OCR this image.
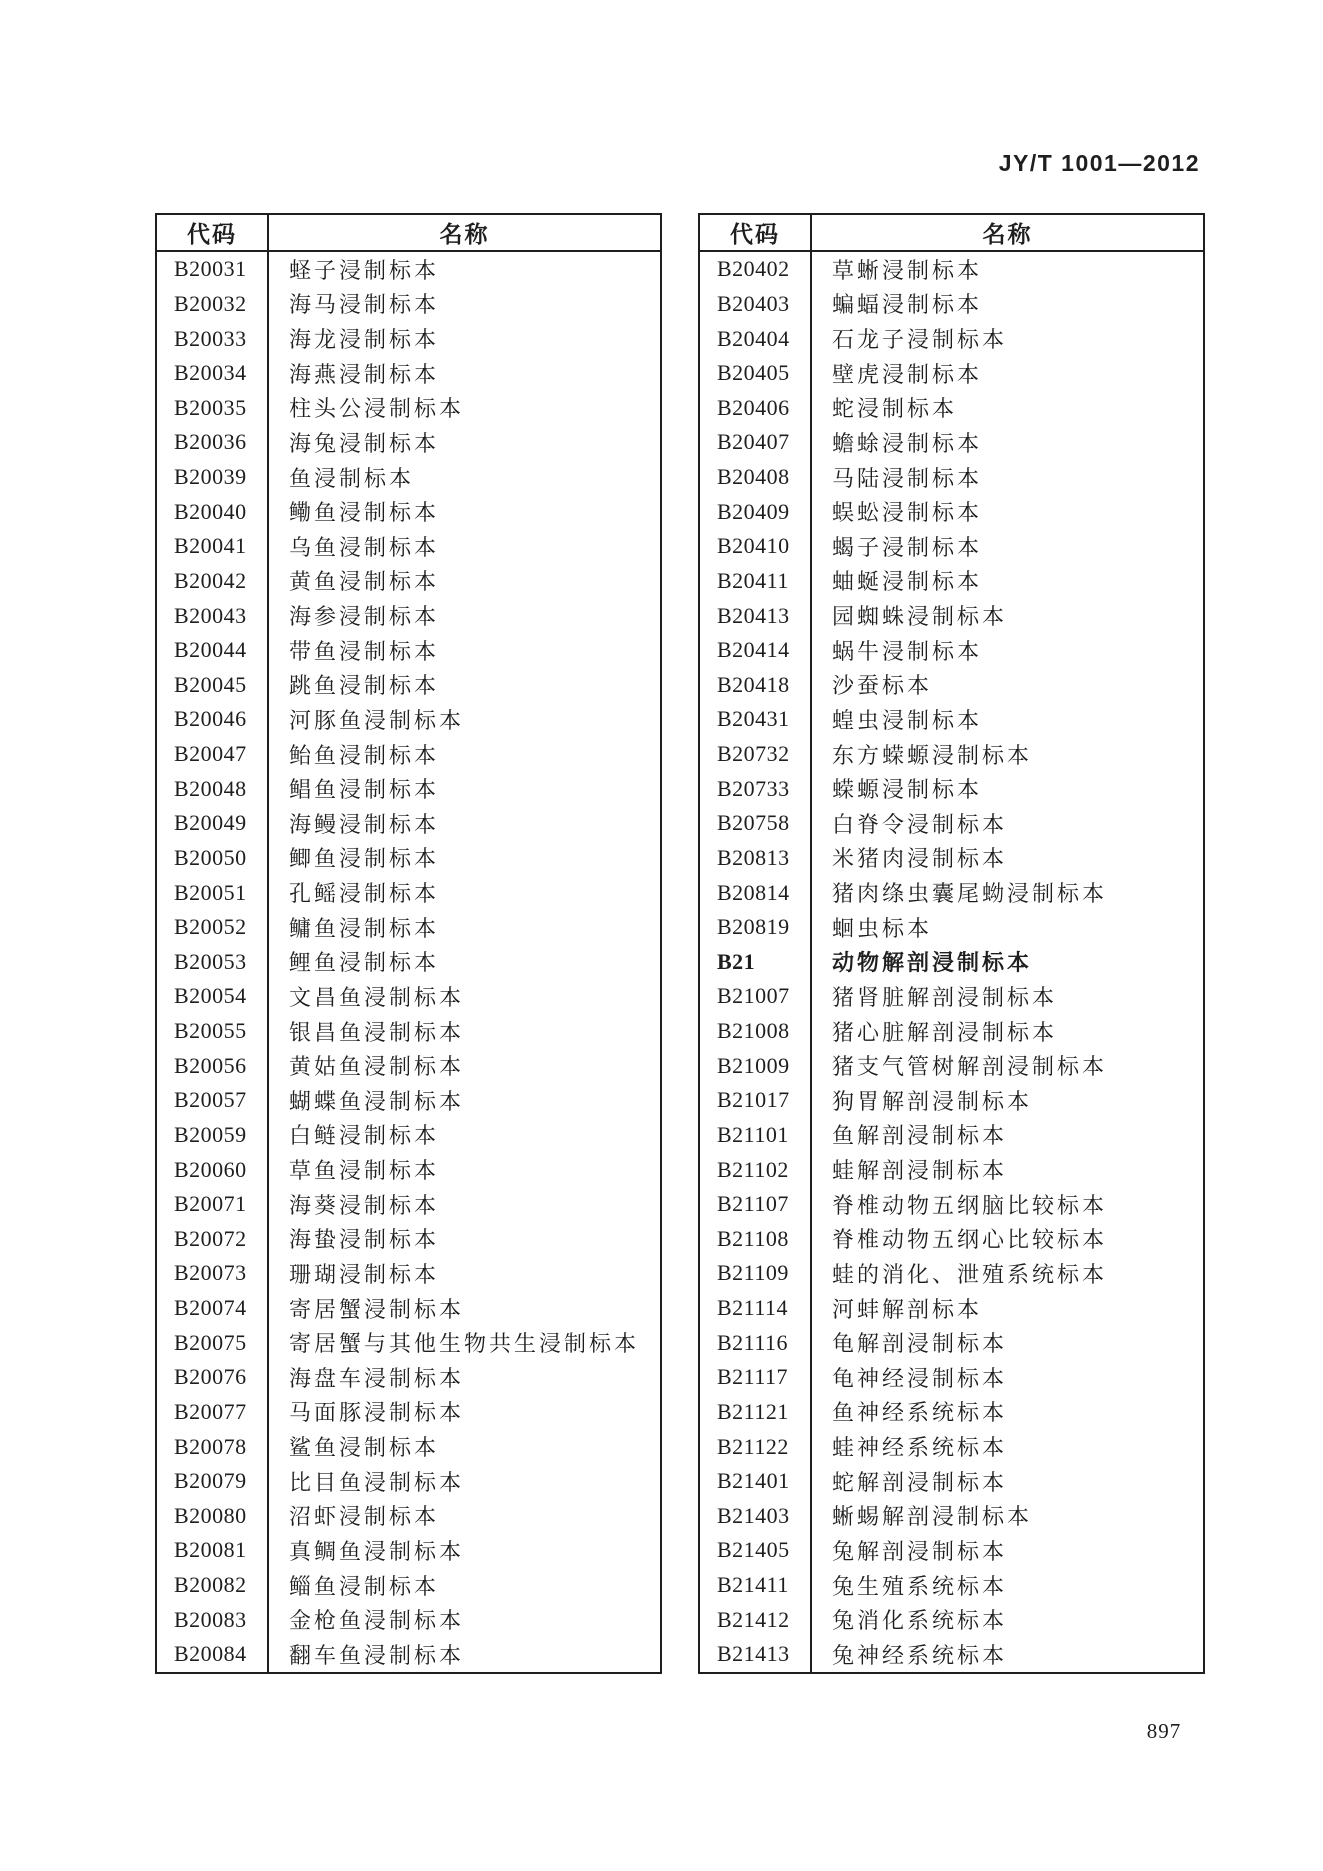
JY/T 1001—2012
代码	名称
B20031	蛏子浸制标本
B20032	海马浸制标本
B20033	海龙浸制标本
B20034	海燕浸制标本
B20035	柱头公浸制标本
B20036	海兔浸制标本
B20039	鱼浸制标本
B20040	鳓鱼浸制标本
B20041	乌鱼浸制标本
B20042	黄鱼浸制标本
B20043	海参浸制标本
B20044	带鱼浸制标本
B20045	跳鱼浸制标本
B20046	河豚鱼浸制标本
B20047	鲐鱼浸制标本
B20048	鲳鱼浸制标本
B20049	海鳗浸制标本
B20050	鲫鱼浸制标本
B20051	孔鳐浸制标本
B20052	鳙鱼浸制标本
B20053	鲤鱼浸制标本
B20054	文昌鱼浸制标本
B20055	银昌鱼浸制标本
B20056	黄姑鱼浸制标本
B20057	蝴蝶鱼浸制标本
B20059	白鲢浸制标本
B20060	草鱼浸制标本
B20071	海葵浸制标本
B20072	海蛰浸制标本
B20073	珊瑚浸制标本
B20074	寄居蟹浸制标本
B20075	寄居蟹与其他生物共生浸制标本
B20076	海盘车浸制标本
B20077	马面豚浸制标本
B20078	鲨鱼浸制标本
B20079	比目鱼浸制标本
B20080	沼虾浸制标本
B20081	真鲷鱼浸制标本
B20082	鲻鱼浸制标本
B20083	金枪鱼浸制标本
B20084	翻车鱼浸制标本
代码	名称
B20402	草蜥浸制标本
B20403	蝙蝠浸制标本
B20404	石龙子浸制标本
B20405	壁虎浸制标本
B20406	蛇浸制标本
B20407	蟾蜍浸制标本
B20408	马陆浸制标本
B20409	蜈蚣浸制标本
B20410	蝎子浸制标本
B20411	蚰蜒浸制标本
B20413	园蜘蛛浸制标本
B20414	蜗牛浸制标本
B20418	沙蚕标本
B20431	蝗虫浸制标本
B20732	东方蝾螈浸制标本
B20733	蝾螈浸制标本
B20758	白脊令浸制标本
B20813	米猪肉浸制标本
B20814	猪肉绦虫囊尾蚴浸制标本
B20819	蛔虫标本
B21	动物解剖浸制标本
B21007	猪肾脏解剖浸制标本
B21008	猪心脏解剖浸制标本
B21009	猪支气管树解剖浸制标本
B21017	狗胃解剖浸制标本
B21101	鱼解剖浸制标本
B21102	蛙解剖浸制标本
B21107	脊椎动物五纲脑比较标本
B21108	脊椎动物五纲心比较标本
B21109	蛙的消化、泄殖系统标本
B21114	河蚌解剖标本
B21116	龟解剖浸制标本
B21117	龟神经浸制标本
B21121	鱼神经系统标本
B21122	蛙神经系统标本
B21401	蛇解剖浸制标本
B21403	蜥蜴解剖浸制标本
B21405	兔解剖浸制标本
B21411	兔生殖系统标本
B21412	兔消化系统标本
B21413	兔神经系统标本
897
